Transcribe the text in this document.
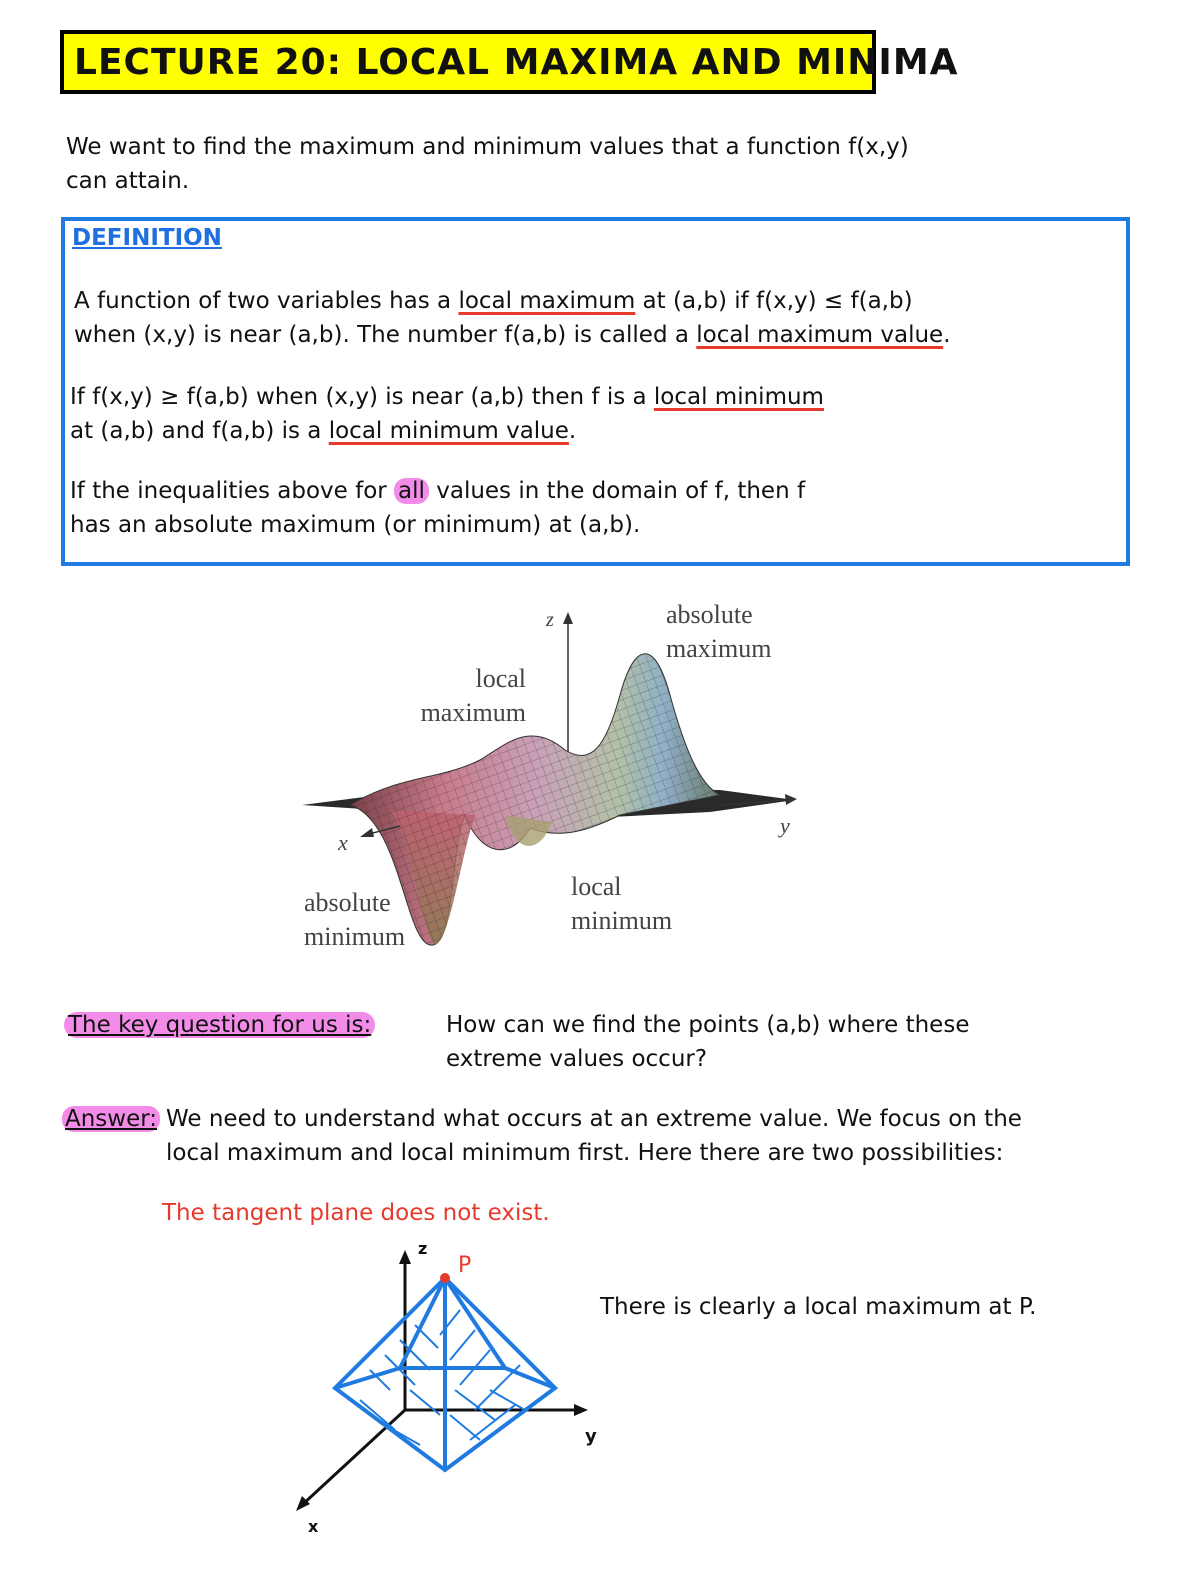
LECTURE 20: LOCAL MAXIMA AND MINIMA
We want to find the maximum and minimum values that a function f(x,y)
can attain.
DEFINITION
A function of two variables has a local maximum at (a,b) if f(x,y) ≤ f(a,b)
when (x,y) is near (a,b). The number f(a,b) is called a local maximum value.
If f(x,y) ≥ f(a,b) when (x,y) is near (a,b) then f is a local minimum
at (a,b) and f(a,b) is a local minimum value.
If the inequalities above for all values in the domain of f, then f
has an absolute maximum (or minimum) at (a,b).
z
x
y
absolute
maximum
local
maximum
absolute
minimum
local
minimum
The key question for us is:	How can we find the points (a,b) where these
extreme values occur?
Answer: We need to understand what occurs at an extreme value. We focus on the
local maximum and local minimum first. Here there are two possibilities:
The tangent plane does not exist.
z
P
y
x
There is clearly a local maximum at P.
